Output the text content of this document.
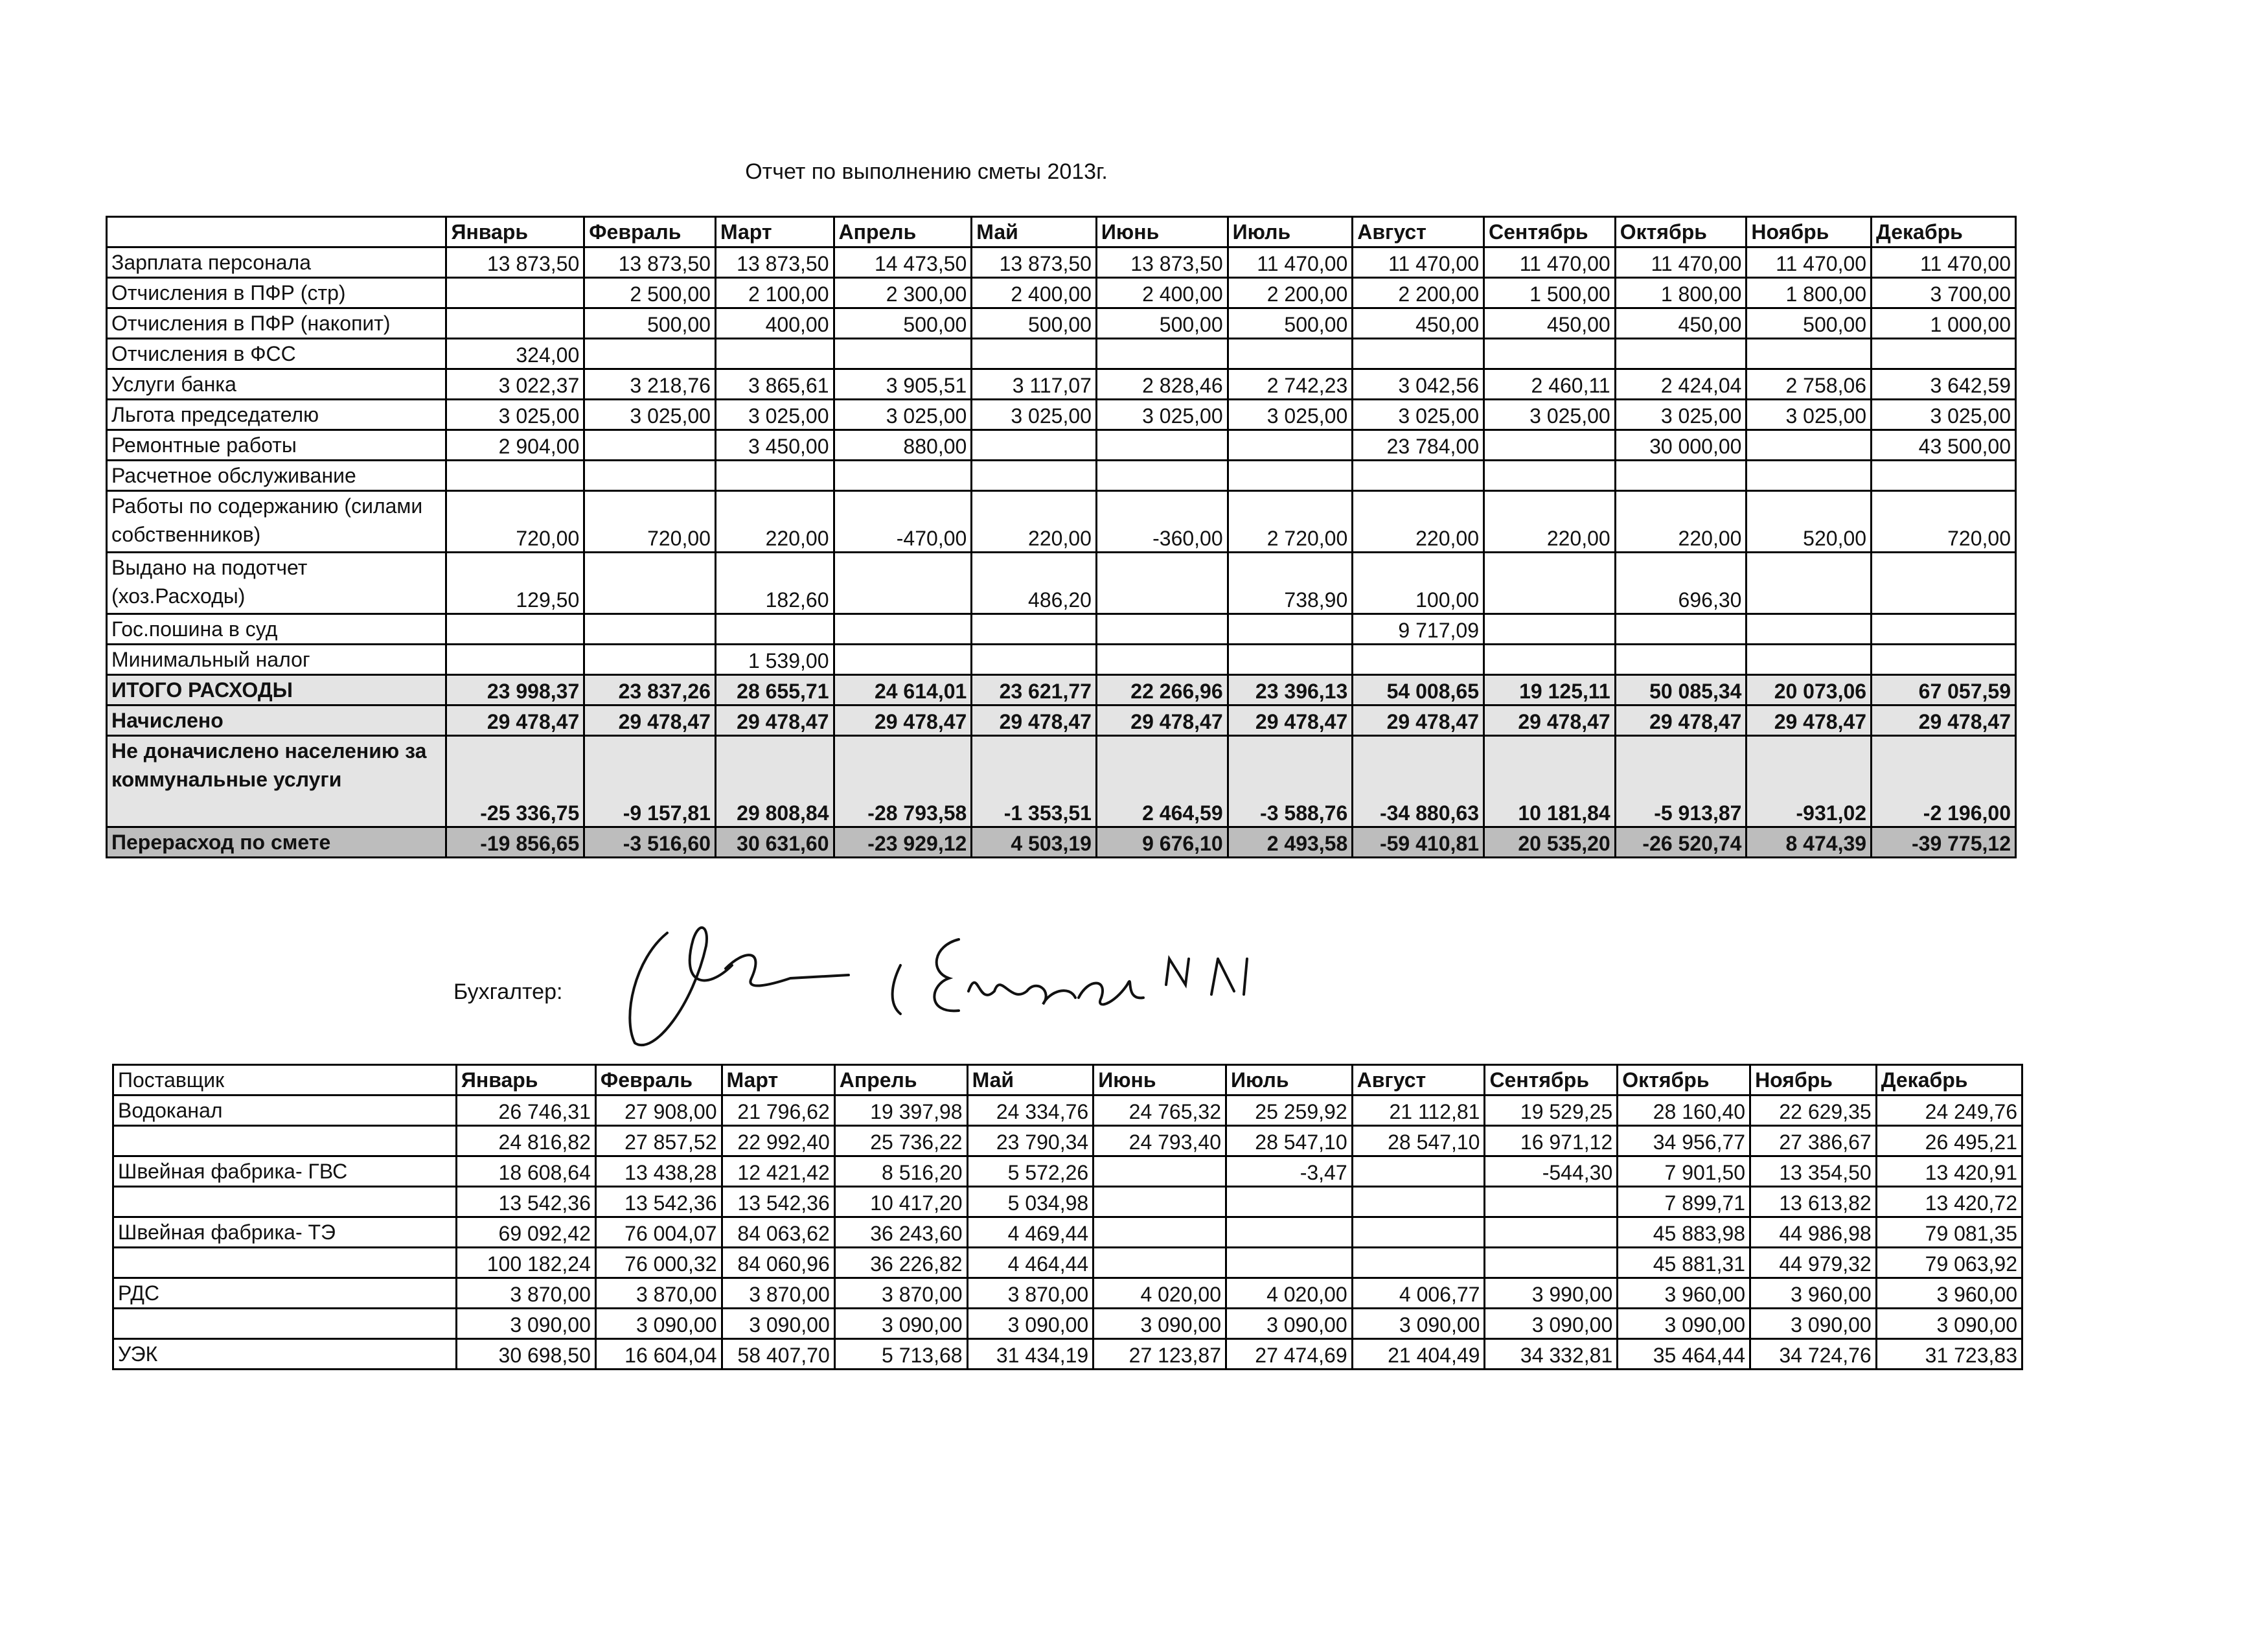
Отчет по выполнению сметы 2013г.
	Январь	Февраль	Март	Апрель	Май	Июнь	Июль	Август	Сентябрь	Октябрь	Ноябрь	Декабрь
Зарплата персонала	13 873,50	13 873,50	13 873,50	14 473,50	13 873,50	13 873,50	11 470,00	11 470,00	11 470,00	11 470,00	11 470,00	11 470,00
Отчисления в ПФР (стр)		2 500,00	2 100,00	2 300,00	2 400,00	2 400,00	2 200,00	2 200,00	1 500,00	1 800,00	1 800,00	3 700,00
Отчисления в ПФР (накопит)		500,00	400,00	500,00	500,00	500,00	500,00	450,00	450,00	450,00	500,00	1 000,00
Отчисления в ФСС	324,00											
Услуги банка	3 022,37	3 218,76	3 865,61	3 905,51	3 117,07	2 828,46	2 742,23	3 042,56	2 460,11	2 424,04	2 758,06	3 642,59
Льгота председателю	3 025,00	3 025,00	3 025,00	3 025,00	3 025,00	3 025,00	3 025,00	3 025,00	3 025,00	3 025,00	3 025,00	3 025,00
Ремонтные работы	2 904,00		3 450,00	880,00				23 784,00		30 000,00		43 500,00
Расчетное обслуживание												
Работы по содержанию (силами собственников)	720,00	720,00	220,00	-470,00	220,00	-360,00	2 720,00	220,00	220,00	220,00	520,00	720,00
Выдано на подотчет (хоз.Расходы)	129,50		182,60		486,20		738,90	100,00		696,30		
Гос.пошина в суд								9 717,09				
Минимальный налог			1 539,00									
ИТОГО РАСХОДЫ	23 998,37	23 837,26	28 655,71	24 614,01	23 621,77	22 266,96	23 396,13	54 008,65	19 125,11	50 085,34	20 073,06	67 057,59
Начислено	29 478,47	29 478,47	29 478,47	29 478,47	29 478,47	29 478,47	29 478,47	29 478,47	29 478,47	29 478,47	29 478,47	29 478,47
Не доначислено населению за коммунальные услуги	-25 336,75	-9 157,81	29 808,84	-28 793,58	-1 353,51	2 464,59	-3 588,76	-34 880,63	10 181,84	-5 913,87	-931,02	-2 196,00
Перерасход по смете	-19 856,65	-3 516,60	30 631,60	-23 929,12	4 503,19	9 676,10	2 493,58	-59 410,81	20 535,20	-26 520,74	8 474,39	-39 775,12
Бухгалтер:
Поставщик	Январь	Февраль	Март	Апрель	Май	Июнь	Июль	Август	Сентябрь	Октябрь	Ноябрь	Декабрь
Водоканал	26 746,31	27 908,00	21 796,62	19 397,98	24 334,76	24 765,32	25 259,92	21 112,81	19 529,25	28 160,40	22 629,35	24 249,76
	24 816,82	27 857,52	22 992,40	25 736,22	23 790,34	24 793,40	28 547,10	28 547,10	16 971,12	34 956,77	27 386,67	26 495,21
Швейная фабрика- ГВС	18 608,64	13 438,28	12 421,42	8 516,20	5 572,26		-3,47		-544,30	7 901,50	13 354,50	13 420,91
	13 542,36	13 542,36	13 542,36	10 417,20	5 034,98					7 899,71	13 613,82	13 420,72
Швейная фабрика- ТЭ	69 092,42	76 004,07	84 063,62	36 243,60	4 469,44					45 883,98	44 986,98	79 081,35
	100 182,24	76 000,32	84 060,96	36 226,82	4 464,44					45 881,31	44 979,32	79 063,92
РДС	3 870,00	3 870,00	3 870,00	3 870,00	3 870,00	4 020,00	4 020,00	4 006,77	3 990,00	3 960,00	3 960,00	3 960,00
	3 090,00	3 090,00	3 090,00	3 090,00	3 090,00	3 090,00	3 090,00	3 090,00	3 090,00	3 090,00	3 090,00	3 090,00
УЭК	30 698,50	16 604,04	58 407,70	5 713,68	31 434,19	27 123,87	27 474,69	21 404,49	34 332,81	35 464,44	34 724,76	31 723,83
